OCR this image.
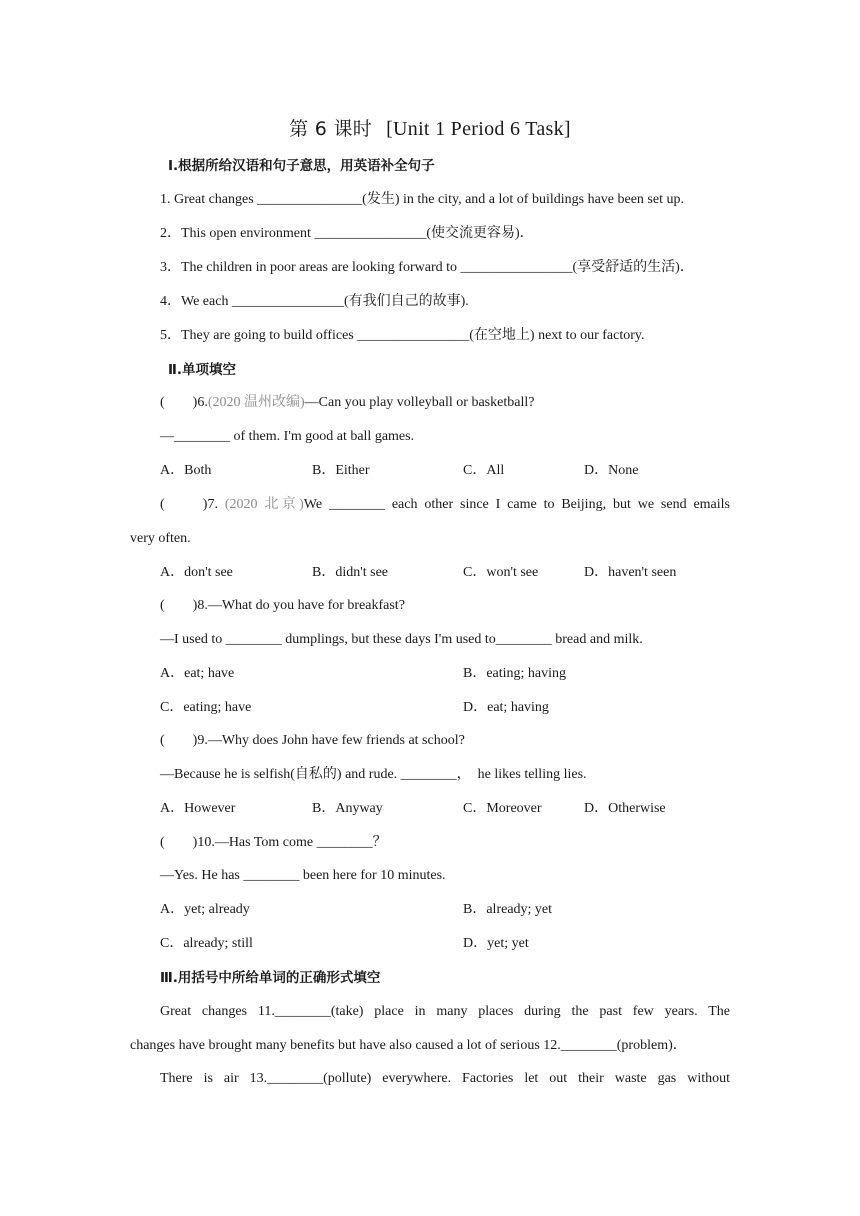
第 6 课时 [Unit 1 Period 6 Task]
Ⅰ.根据所给汉语和句子意思，用英语补全句子
1. Great changes _______________(发生) in the city, and a lot of buildings have been set up.
2．This open environment ________________(使交流更容易)．
3．The children in poor areas are looking forward to ________________(享受舒适的生活)．
4．We each ________________(有我们自己的故事).
5．They are going to build offices ________________(在空地上) next to our factory.
Ⅱ.单项填空
(　　)6.(2020 温州改编)—Can you play volleyball or basketball?
—________ of them. I'm good at ball games.
A．Both	B．Either	C．All	D．None
(　　)7. (2020 北京)We ________ each other since I came to Beijing, but we send emails
very often.
A．don't see	B．didn't see	C．won't see	D．haven't seen
(　　)8.—What do you have for breakfast?
—I used to ________ dumplings, but these days I'm used to________ bread and milk.
A．eat; have	B．eating; having
C．eating; have	D．eat; having
(　　)9.—Why does John have few friends at school?
—Because he is selfish(自私的) and rude. ________，　he likes telling lies.
A．However	B．Anyway	C．Moreover	D．Otherwise
(　　)10.—Has Tom come ________？
—Yes. He has ________ been here for 10 minutes.
A．yet; already	B．already; yet
C．already; still	D．yet; yet
Ⅲ.用括号中所给单词的正确形式填空
Great changes 11.________(take) place in many places during the past few years. The
changes have brought many benefits but have also caused a lot of serious 12.________(problem)．
There is air 13.________(pollute) everywhere. Factories let out their waste gas without
